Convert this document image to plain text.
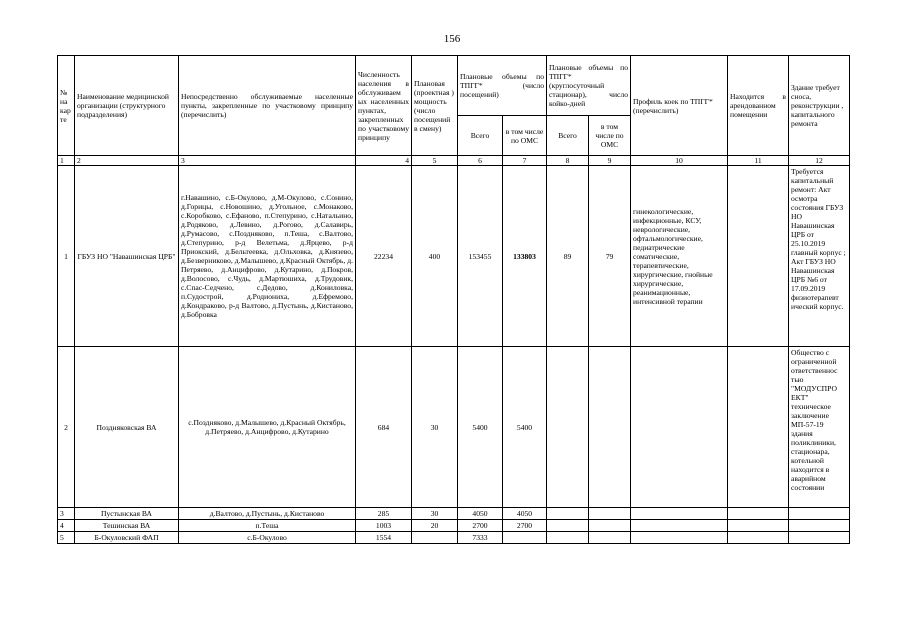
156
№ на кар те	Наименование медицинской организации (структурного подразделения)	Непосредственно обслуживаемые населенные пункты, закрепленные по участковому принципу (перечислить)	Численность населения в обслуживаем ых населенных пунктах, закрепленных по участковому принципу	Плановая (проектная ) мощность (число посещений в смену)	Плановые объемы по ТПГГ* (число посещений)		Плановые объемы по ТПГГ* (круглосуточный стационар), число койко-дней		Профиль коек по ТПГГ* (перечислить)	Находится в арендованном помещении	Здание требует сноса, реконструкции , капитального ремонта
					Всего	в том числе по ОМС	Всего	в том числе по ОМС			
1	2	3	4	5	6	7	8	9	10	11	12
1	ГБУЗ НО "Навашинская ЦРБ"	г.Навашино, с.Б-Окулово, д.М-Окулово, с.Сонино, д.Горицы, с.Новошино, д.Угольное, с.Монаково, с.Коробково, с.Ефаново, п.Степурино, с.Натальино, д.Родяково, д.Левино, д.Рогово, д.Салавирь, д.Румасово, с.Поздняково, п.Теша, с.Валтово, д.Степурино, р-д Велетьма, д.Ярцево, р-д Приокский, д.Бельтеевка, д.Ольховка, д.Князево, д.Безверниково, д.Малышево, д.Красный Октябрь, д. Петряево, д.Анцифрово, д.Кутарино, д.Покров, д.Волосово, с.Чудь, д.Мартюшиха, д.Трудовик, с.Спас-Седчено, с.Дедово, д.Кониловка, п.Судострой, д.Родиониха, д.Ефремово, д.Кондраково, р-д Валтово, д.Пустынь, д.Кистаново, д.Бобровка	22234	400	153455	133803	89	79	гинекологические, инфекционные, КСУ, неврологические, офтальмологические, педиатрические соматические, терапевтические, хирургические, гнойные хирургические, реанимационные, интенсивной терапии		Требуется капитальный ремонт: Акт осмотра состояния ГБУЗ НО Навашинская ЦРБ от 25.10.2019 главный корпус ; Акт ГБУЗ НО Навашинская ЦРБ №6 от 17.09.2019 физиотерапевт ический корпус.
2	Поздняковская ВА	с.Поздняково, д.Малышево, д.Красный Октябрь, д.Петряево, д.Анцифрово, д.Кутарино	684	30	5400	5400					Общество с ограниченной ответственнос тью "МОДУСПРО ЕКТ" техническое заключение МП-57-19 здания поликлиники, стационара, котельной находится в аварийном состоянии
3	Пустынская ВА	д.Валтово, д.Пустынь, д.Кистаново	285	30	4050	4050					
4	Тешинская ВА	п.Теша	1003	20	2700	2700					
5	Б-Окуловский ФАП	с.Б-Окулово	1554		7333						
